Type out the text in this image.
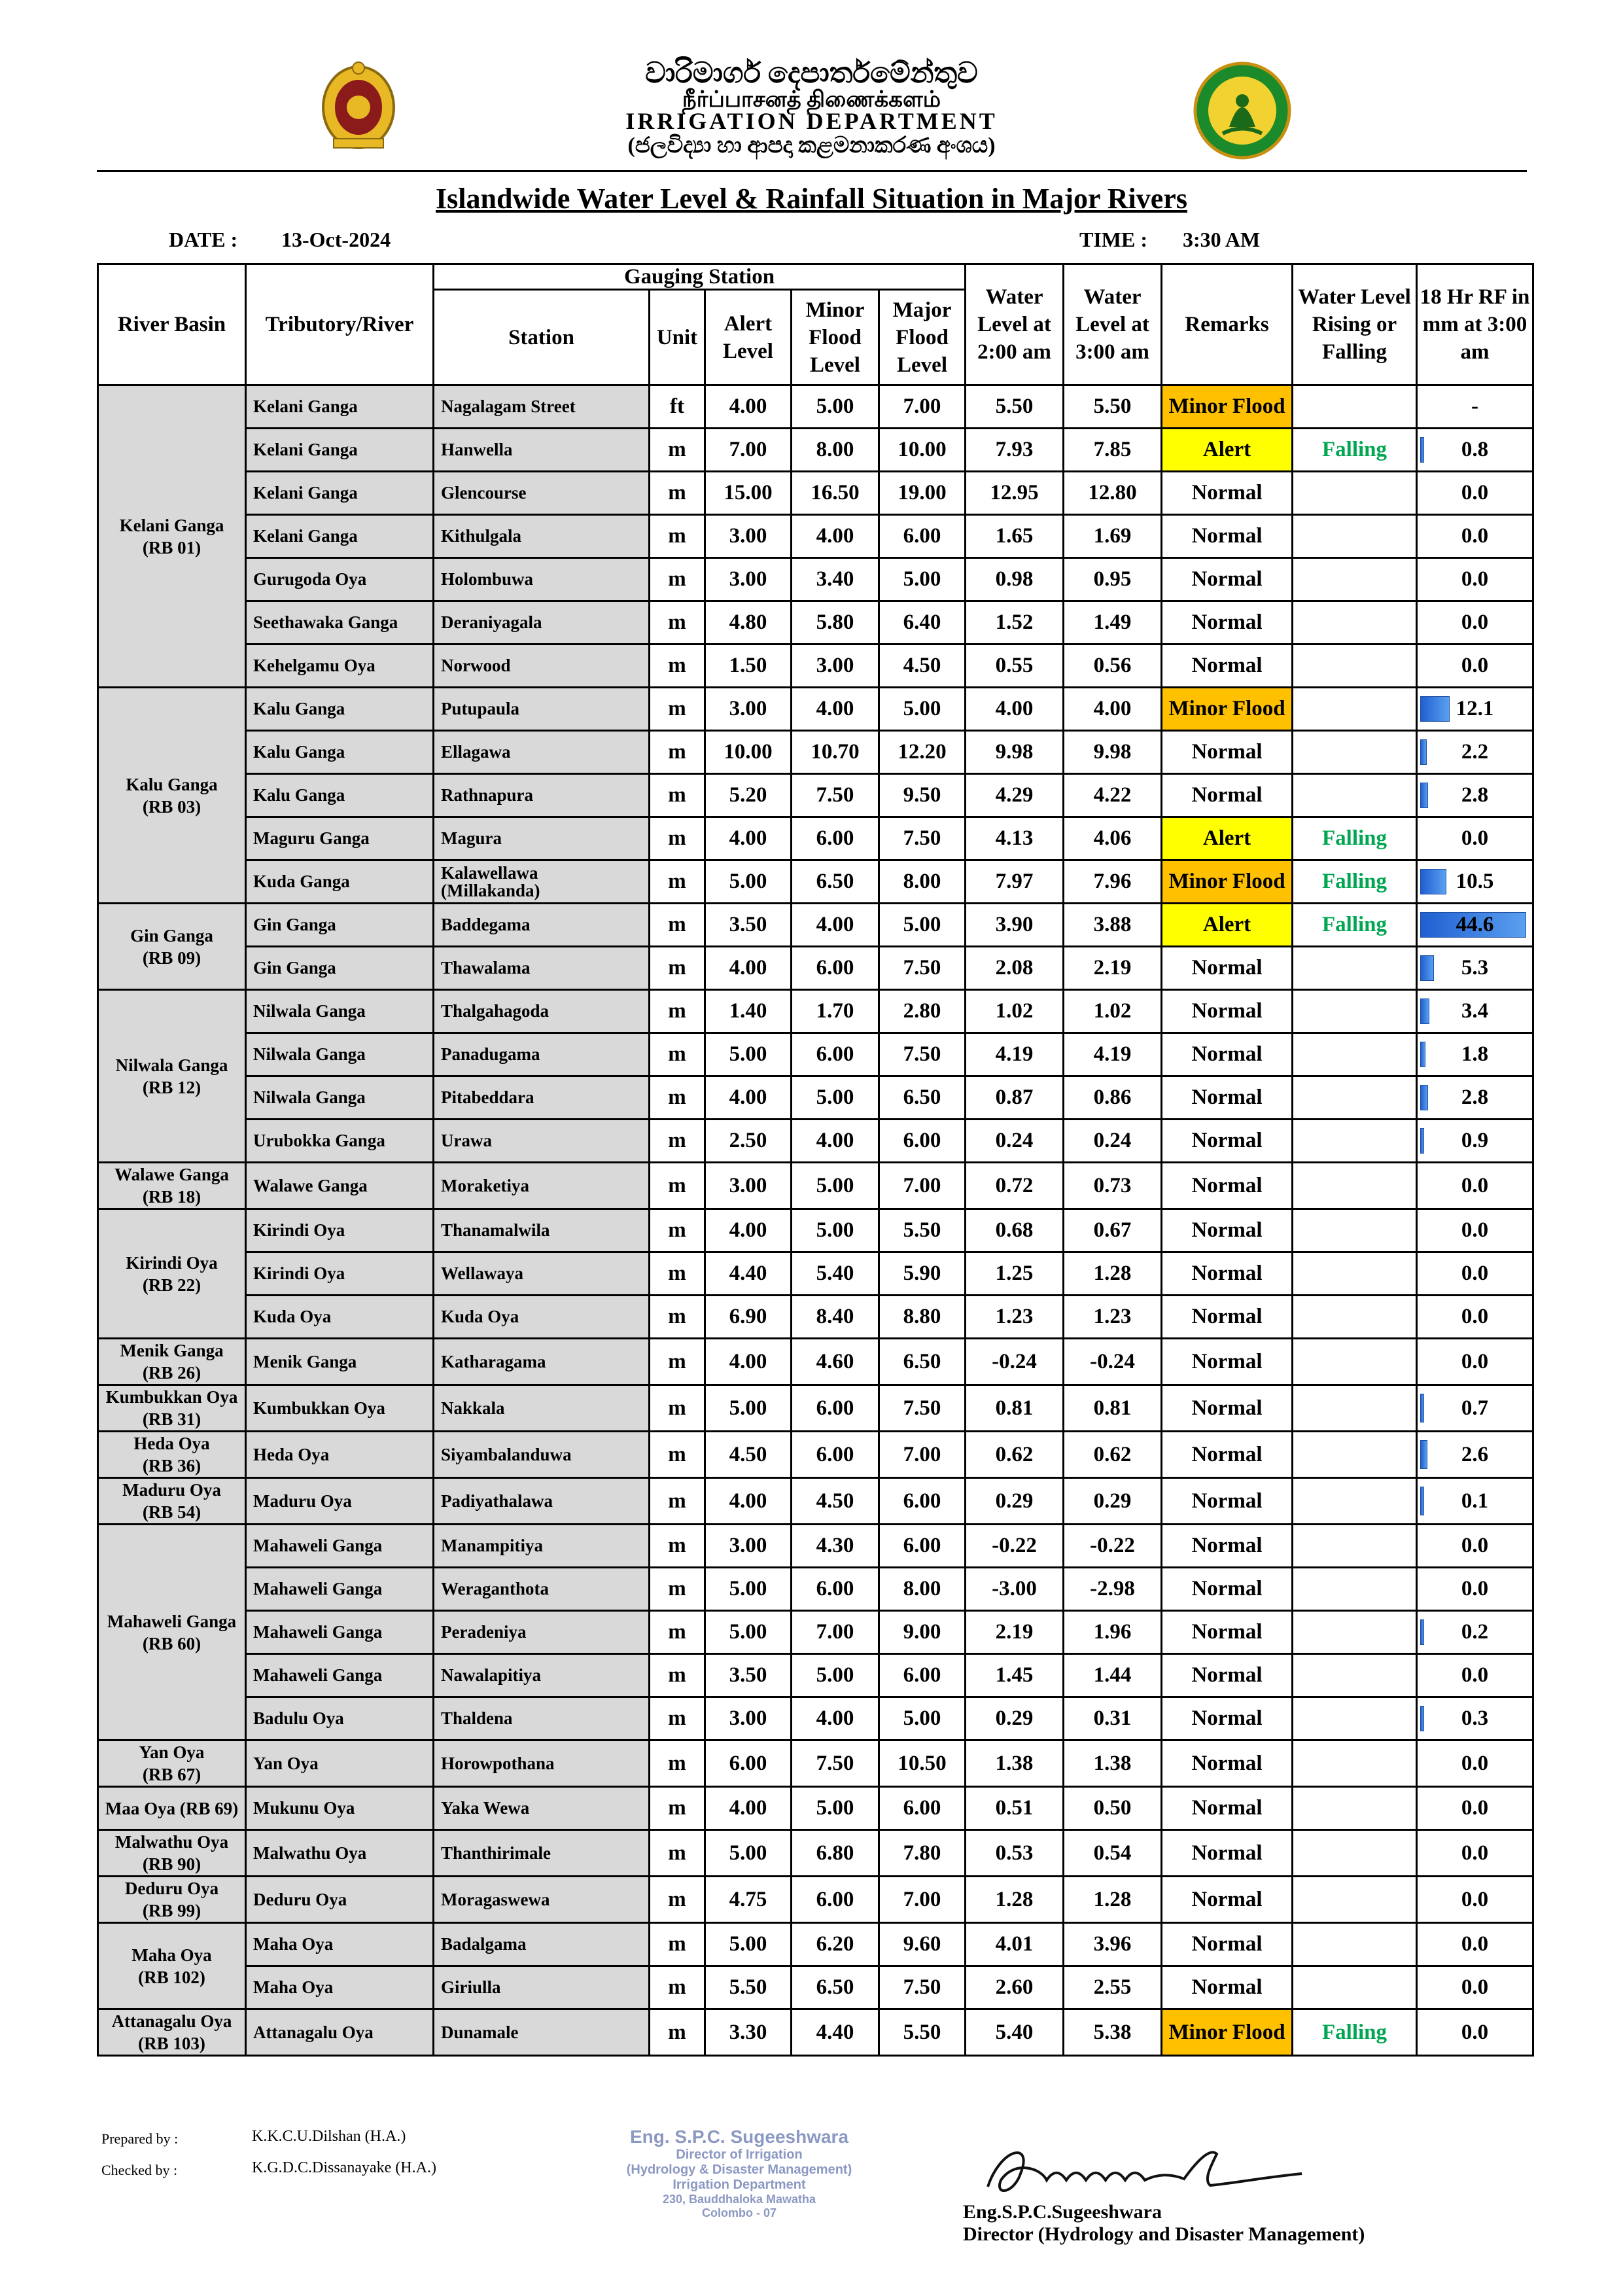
වාරිමාර්ග දෙපාර්තමේන්තුව
நீர்ப்பாசனத் திணைக்களம்
IRRIGATION DEPARTMENT
(ජලවිද්‍යා හා ආපදා කළමනාකරණ අංශය)
Islandwide Water Level & Rainfall Situation in Major Rivers
DATE : 13-Oct-2024	TIME : 3:30 AM
River Basin	Tributory/River	Gauging Station					Water Level at 2:00 am	Water Level at 3:00 am	Remarks	Water Level Rising or Falling	18 Hr RF in mm at 3:00 am
		Station	Unit	Alert Level	Minor Flood Level	Major Flood Level					
Kelani Ganga
(RB 01)	Kelani Ganga	Nagalagam Street	ft	4.00	5.00	7.00	5.50	5.50	Minor Flood		-
	Kelani Ganga	Hanwella	m	7.00	8.00	10.00	7.93	7.85	Alert	Falling	0.8
	Kelani Ganga	Glencourse	m	15.00	16.50	19.00	12.95	12.80	Normal		0.0
	Kelani Ganga	Kithulgala	m	3.00	4.00	6.00	1.65	1.69	Normal		0.0
	Gurugoda Oya	Holombuwa	m	3.00	3.40	5.00	0.98	0.95	Normal		0.0
	Seethawaka Ganga	Deraniyagala	m	4.80	5.80	6.40	1.52	1.49	Normal		0.0
	Kehelgamu Oya	Norwood	m	1.50	3.00	4.50	0.55	0.56	Normal		0.0
Kalu Ganga
(RB 03)	Kalu Ganga	Putupaula	m	3.00	4.00	5.00	4.00	4.00	Minor Flood		12.1
	Kalu Ganga	Ellagawa	m	10.00	10.70	12.20	9.98	9.98	Normal		2.2
	Kalu Ganga	Rathnapura	m	5.20	7.50	9.50	4.29	4.22	Normal		2.8
	Maguru Ganga	Magura	m	4.00	6.00	7.50	4.13	4.06	Alert	Falling	0.0
	Kuda Ganga	Kalawellawa
(Millakanda)	m	5.00	6.50	8.00	7.97	7.96	Minor Flood	Falling	10.5
Gin Ganga
(RB 09)	Gin Ganga	Baddegama	m	3.50	4.00	5.00	3.90	3.88	Alert	Falling	44.6
	Gin Ganga	Thawalama	m	4.00	6.00	7.50	2.08	2.19	Normal		5.3
Nilwala Ganga
(RB 12)	Nilwala Ganga	Thalgahagoda	m	1.40	1.70	2.80	1.02	1.02	Normal		3.4
	Nilwala Ganga	Panadugama	m	5.00	6.00	7.50	4.19	4.19	Normal		1.8
	Nilwala Ganga	Pitabeddara	m	4.00	5.00	6.50	0.87	0.86	Normal		2.8
	Urubokka Ganga	Urawa	m	2.50	4.00	6.00	0.24	0.24	Normal		0.9
Walawe Ganga
(RB 18)	Walawe Ganga	Moraketiya	m	3.00	5.00	7.00	0.72	0.73	Normal		0.0
Kirindi Oya
(RB 22)	Kirindi Oya	Thanamalwila	m	4.00	5.00	5.50	0.68	0.67	Normal		0.0
	Kirindi Oya	Wellawaya	m	4.40	5.40	5.90	1.25	1.28	Normal		0.0
	Kuda Oya	Kuda Oya	m	6.90	8.40	8.80	1.23	1.23	Normal		0.0
Menik Ganga
(RB 26)	Menik Ganga	Katharagama	m	4.00	4.60	6.50	-0.24	-0.24	Normal		0.0
Kumbukkan Oya
(RB 31)	Kumbukkan Oya	Nakkala	m	5.00	6.00	7.50	0.81	0.81	Normal		0.7
Heda Oya
(RB 36)	Heda Oya	Siyambalanduwa	m	4.50	6.00	7.00	0.62	0.62	Normal		2.6
Maduru Oya
(RB 54)	Maduru Oya	Padiyathalawa	m	4.00	4.50	6.00	0.29	0.29	Normal		0.1
Mahaweli Ganga
(RB 60)	Mahaweli Ganga	Manampitiya	m	3.00	4.30	6.00	-0.22	-0.22	Normal		0.0
	Mahaweli Ganga	Weraganthota	m	5.00	6.00	8.00	-3.00	-2.98	Normal		0.0
	Mahaweli Ganga	Peradeniya	m	5.00	7.00	9.00	2.19	1.96	Normal		0.2
	Mahaweli Ganga	Nawalapitiya	m	3.50	5.00	6.00	1.45	1.44	Normal		0.0
	Badulu Oya	Thaldena	m	3.00	4.00	5.00	0.29	0.31	Normal		0.3
Yan Oya
(RB 67)	Yan Oya	Horowpothana	m	6.00	7.50	10.50	1.38	1.38	Normal		0.0
Maa Oya (RB 69)	Mukunu Oya	Yaka Wewa	m	4.00	5.00	6.00	0.51	0.50	Normal		0.0
Malwathu Oya
(RB 90)	Malwathu Oya	Thanthirimale	m	5.00	6.80	7.80	0.53	0.54	Normal		0.0
Deduru Oya
(RB 99)	Deduru Oya	Moragaswewa	m	4.75	6.00	7.00	1.28	1.28	Normal		0.0
Maha Oya
(RB 102)	Maha Oya	Badalgama	m	5.00	6.20	9.60	4.01	3.96	Normal		0.0
	Maha Oya	Giriulla	m	5.50	6.50	7.50	2.60	2.55	Normal		0.0
Attanagalu Oya
(RB 103)	Attanagalu Oya	Dunamale	m	3.30	4.40	5.50	5.40	5.38	Minor Flood	Falling	0.0
Prepared by :	K.K.C.U.Dilshan (H.A.)
Checked by :	K.G.D.C.Dissanayake (H.A.)
Eng. S.P.C. Sugeeshwara
Director of Irrigation
(Hydrology & Disaster Management)
Irrigation Department
230, Bauddhaloka Mawatha
Colombo - 07	Eng.S.P.C.Sugeeshwara
Director (Hydrology and Disaster Management)
